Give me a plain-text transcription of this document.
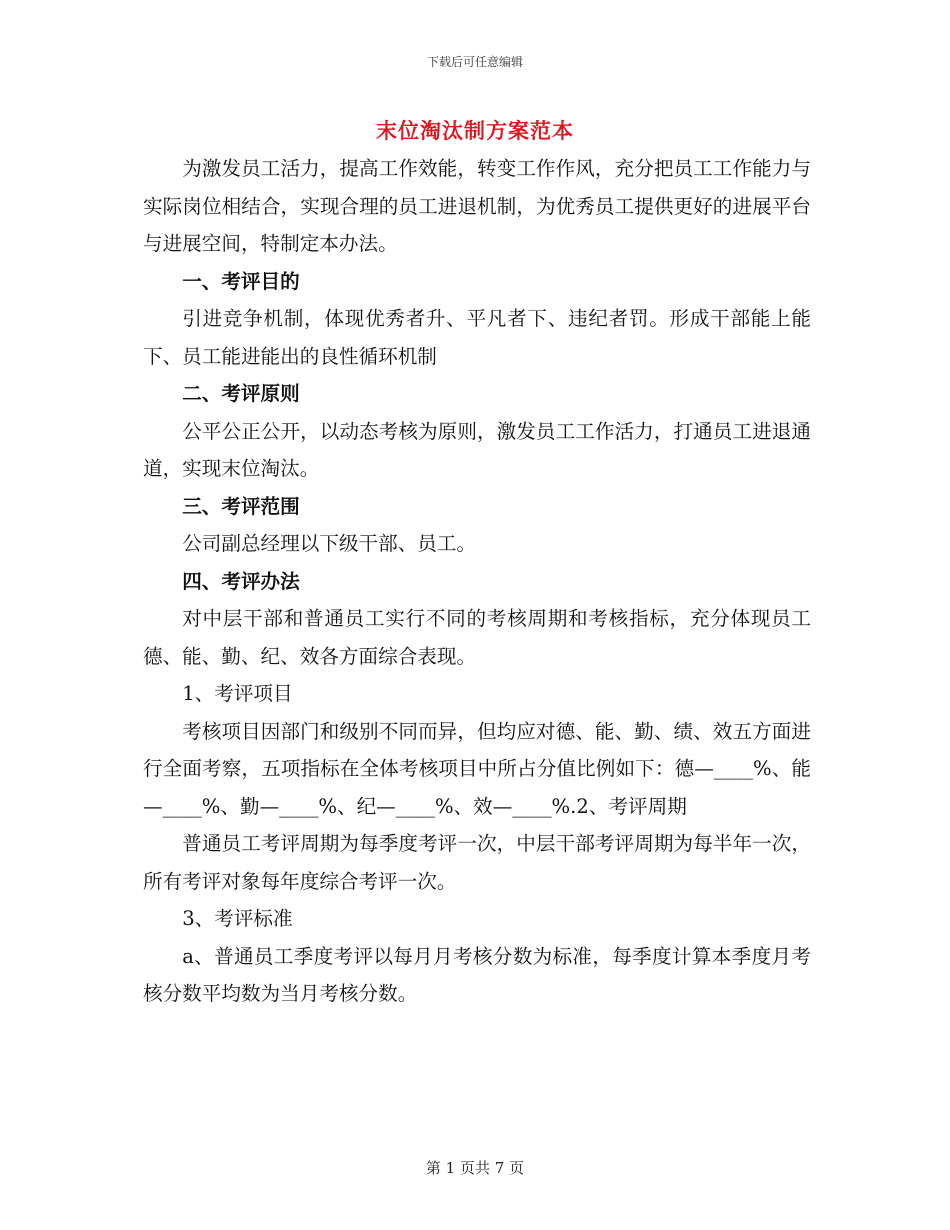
下载后可任意编辑
末位淘汰制方案范本

为激发员工活力，提高工作效能，转变工作作风，充分把员工工作能力与实际岗位相结合，实现合理的员工进退机制，为优秀员工提供更好的进展平台与进展空间，特制定本办法。

一、考评目的

引进竞争机制，体现优秀者升、平凡者下、违纪者罚。形成干部能上能下、员工能进能出的良性循环机制

二、考评原则

公平公正公开，以动态考核为原则，激发员工工作活力，打通员工进退通道，实现末位淘汰。

三、考评范围

公司副总经理以下级干部、员工。

四、考评办法

对中层干部和普通员工实行不同的考核周期和考核指标，充分体现员工德、能、勤、纪、效各方面综合表现。

1、考评项目

考核项目因部门和级别不同而异，但均应对德、能、勤、绩、效五方面进行全面考察，五项指标在全体考核项目中所占分值比例如下：德—____%、能—____%、勤—____%、纪—____%、效—____%.2、考评周期

普通员工考评周期为每季度考评一次，中层干部考评周期为每半年一次，所有考评对象每年度综合考评一次。

3、考评标准

a、普通员工季度考评以每月月考核分数为标准，每季度计算本季度月考核分数平均数为当月考核分数。

第 1 页共 7 页
